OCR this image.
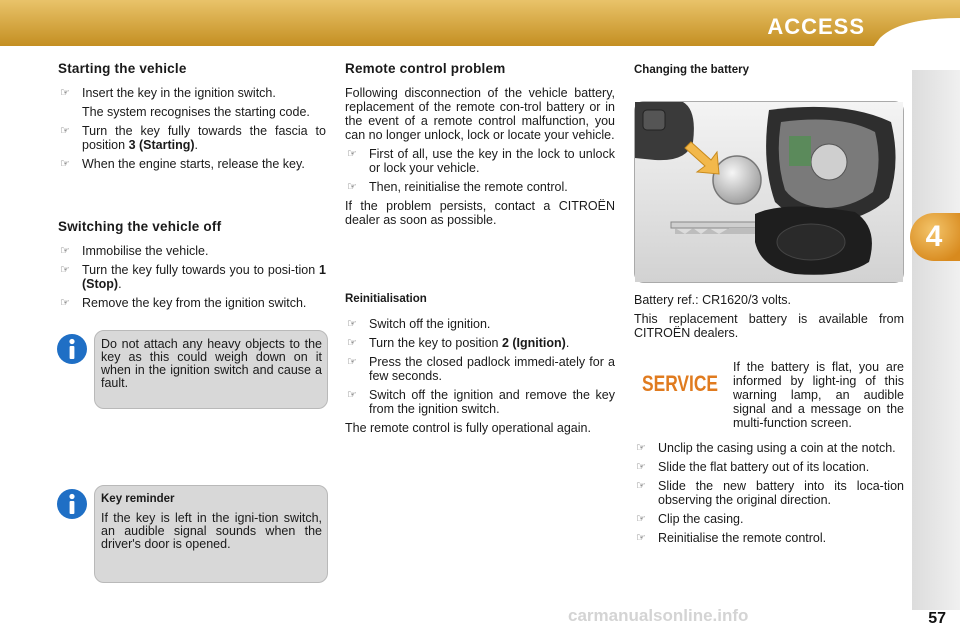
ACCESS
4
Starting the vehicle
☞ Insert the key in the ignition switch.
The system recognises the starting code.
☞ Turn the key fully towards the fascia to position 3 (Starting).
☞ When the engine starts, release the key.
Switching the vehicle off
☞ Immobilise the vehicle.
☞ Turn the key fully towards you to posi-tion 1 (Stop).
☞ Remove the key from the ignition switch.

Do not attach any heavy objects to the key as this could weigh down on it when in the ignition switch and cause a fault.

Key reminder

If the key is left in the igni-tion switch, an audible signal sounds when the driver's door is opened.

Remote control problem

Following disconnection of the vehicle battery, replacement of the remote con-trol battery or in the event of a remote control malfunction, you can no longer unlock, lock or locate your vehicle.

☞ First of all, use the key in the lock to unlock or lock your vehicle.
☞ Then, reinitialise the remote control.

If the problem persists, contact a CITROËN dealer as soon as possible.

Reinitialisation
☞ Switch off the ignition.
☞ Turn the key to position 2 (Ignition).
☞ Press the closed padlock immedi-ately for a few seconds.
☞ Switch off the ignition and remove the key from the ignition switch.

The remote control is fully operational again.

Changing the battery

Battery ref.: CR1620/3 volts.

This replacement battery is available from CITROËN dealers.

SERVICE

If the battery is flat, you are informed by light-ing of this warning lamp, an audible signal and a message on the multi-function screen.

☞ Unclip the casing using a coin at the notch.
☞ Slide the flat battery out of its location.
☞ Slide the new battery into its loca-tion observing the original direction.
☞ Clip the casing.
☞ Reinitialise the remote control.
carmanualsonline.info	57
